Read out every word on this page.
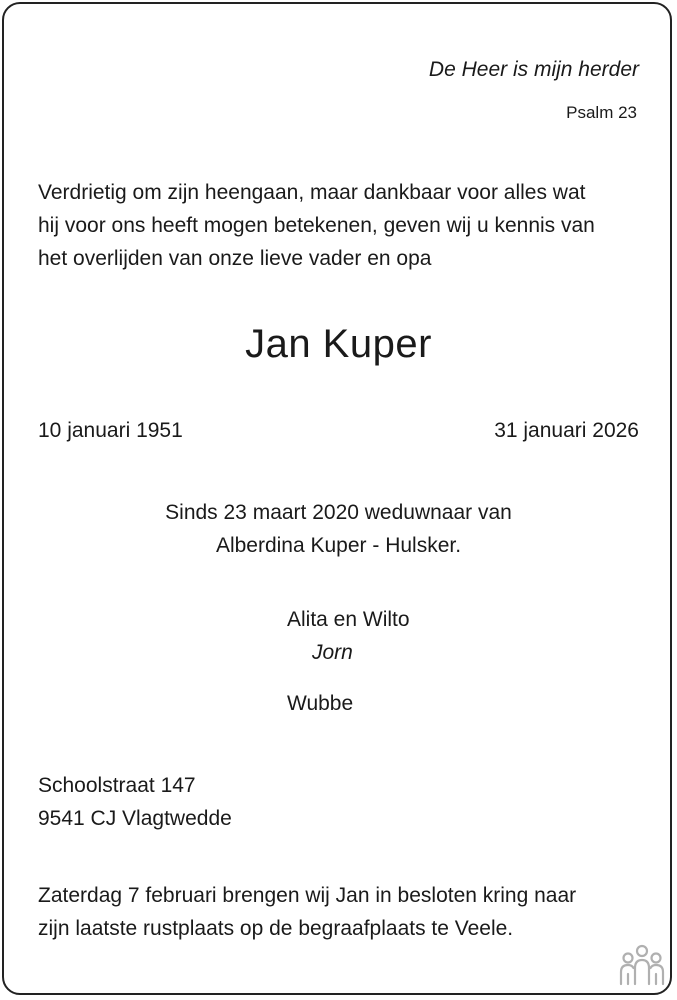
De Heer is mijn herder
Psalm 23
Verdrietig om zijn heengaan, maar dankbaar voor alles wat
hij voor ons heeft mogen betekenen, geven wij u kennis van
het overlijden van onze lieve vader en opa
Jan Kuper
10 januari 1951	31 januari 2026
Sinds 23 maart 2020 weduwnaar van
Alberdina Kuper - Hulsker.
Alita en Wilto
Jorn
Wubbe
Schoolstraat 147
9541 CJ Vlagtwedde
Zaterdag 7 februari brengen wij Jan in besloten kring naar
zijn laatste rustplaats op de begraafplaats te Veele.
